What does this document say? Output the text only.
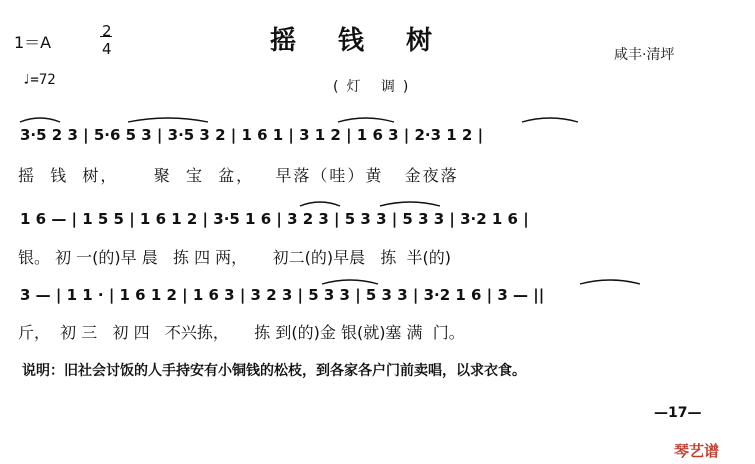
1＝A
2
4
♩=72
摇钱树
(灯 调)
咸丰·清坪
3·5 2 3 | 5·6 5 3 | 3·5 3 2 | 1 6 1 | 3 1 2 | 1 6 3 | 2·3 1 2 |
1 6 — | 1 5 5 | 1 6 1 2 | 3·5 1 6 | 3 2 3 | 5 3 3 | 5 3 3 | 3·2 1 6 |
3 — | 1 1 · | 1 6 1 2 | 1 6 3 | 3 2 3 | 5 3 3 | 5 3 3 | 3·2 1 6 | 3 — ||
摇  钱  树，     聚  宝  盆，   早落（哇）黄   金夜落
银。 初 一(的)早 晨   拣 四 两，     初二(的)早晨   拣  半(的)
斤，  初 三   初 四   不兴拣，     拣 到(的)金 银(就)塞 满  门。
说明：旧社会讨饭的人手持安有小铜钱的松枝，到各家各户门前卖唱，以求衣食。
—17—
琴艺谱
